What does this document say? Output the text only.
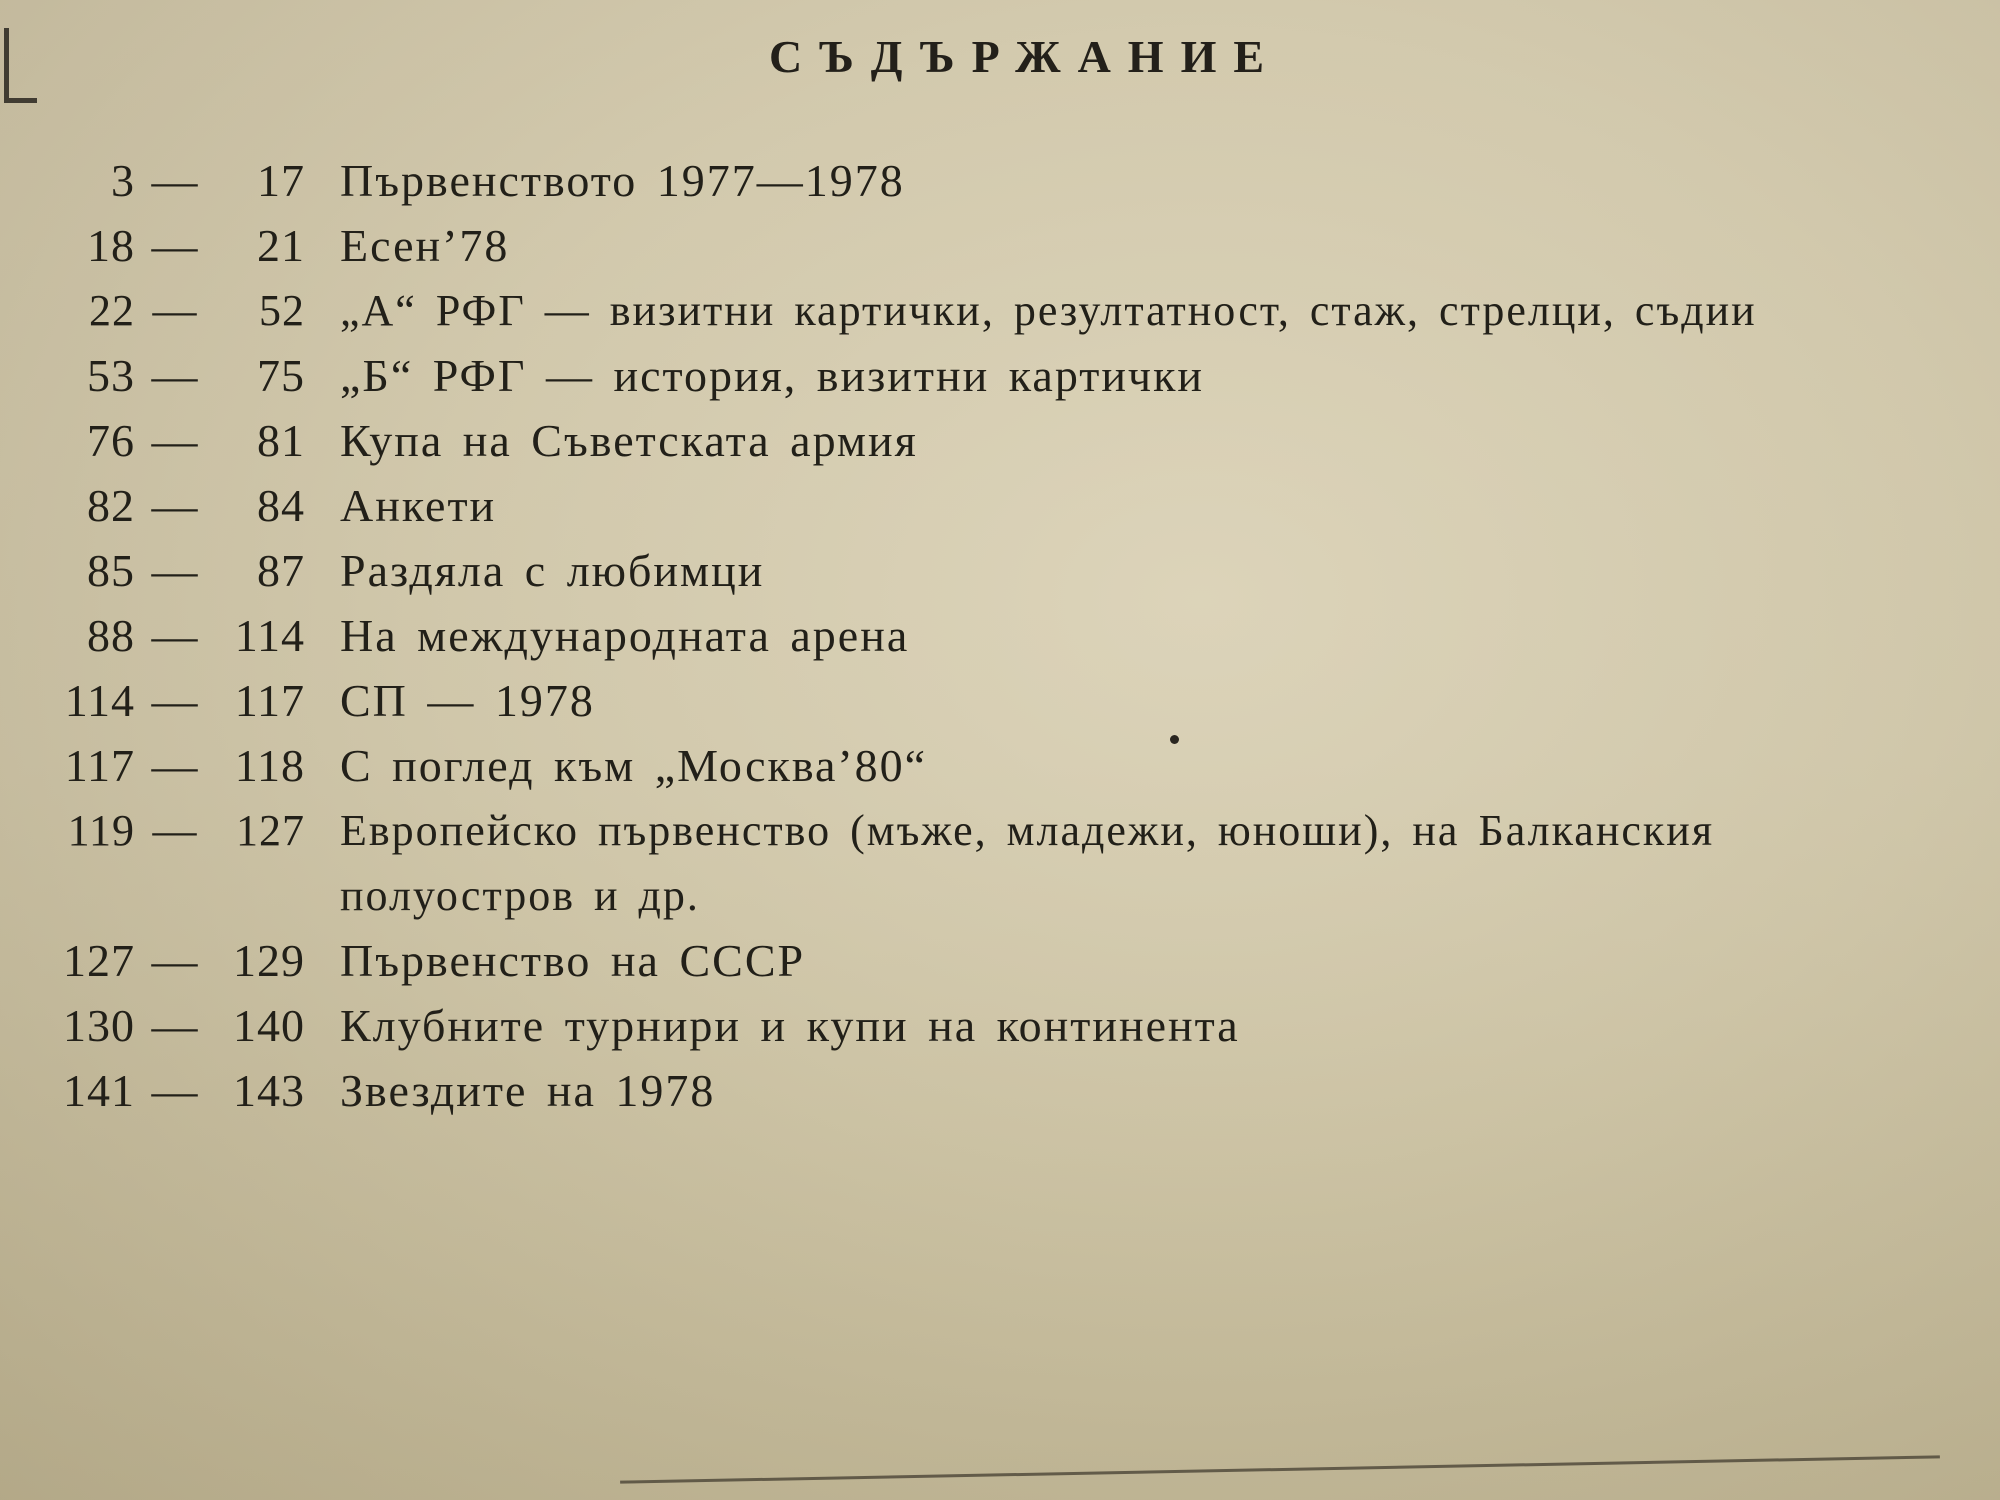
СЪДЪРЖАНИЕ
3 —	17 Първенството 1977—1978
18 —	21 Есен’78
22 —	52 „А“ РФГ — визитни картички, резултатност, стаж, стрелци, съдии
53 —	75 „Б“ РФГ — история, визитни картички
76 —	81 Купа на Съветската армия
82 —	84 Анкети
85 —	87 Раздяла с любимци
88 — 114 На международната арена
114 — 117 СП — 1978
117 — 118 С поглед към „Москва’80“
119 — 127 Европейско първенство (мъже, младежи, юноши), на Балканския
полуостров и др.
127 — 129 Първенство на СССР
130 — 140 Клубните турнири и купи на континента
141 — 143 Звездите на 1978
